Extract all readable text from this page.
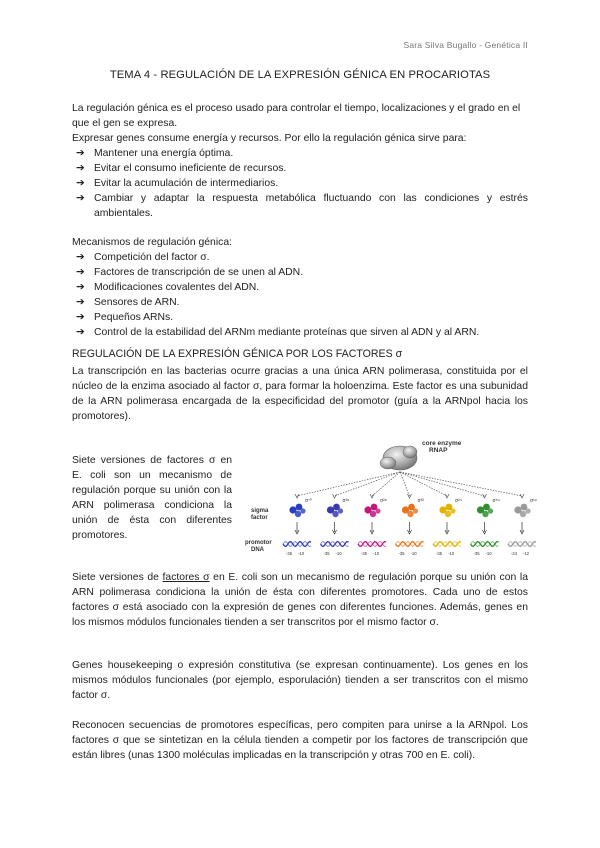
Sara Silva Bugallo - Genética II
TEMA 4 - REGULACIÓN DE LA EXPRESIÓN GÉNICA EN PROCARIOTAS
La regulación génica es el proceso usado para controlar el tiempo, localizaciones y el grado en el que el gen se expresa.
Expresar genes consume energía y recursos. Por ello la regulación génica sirve para:
➔ Mantener una energía óptima.
➔ Evitar el consumo ineficiente de recursos.
➔ Evitar la acumulación de intermediarios.
➔ Cambiar y adaptar la respuesta metabólica fluctuando con las condiciones y estrés ambientales.
Mecanismos de regulación génica:
➔ Competición del factor σ.
➔ Factores de transcripción de se unen al ADN.
➔ Modificaciones covalentes del ADN.
➔ Sensores de ARN.
➔ Pequeños ARNs.
➔ Control de la estabilidad del ARNm mediante proteínas que sirven al ADN y al ARN.
REGULACIÓN DE LA EXPRESIÓN GÉNICA POR LOS FACTORES σ
La transcripción en las bacterias ocurre gracias a una única ARN polimerasa, constituida por el núcleo de la enzima asociado al factor σ, para formar la holoenzima. Este factor es una subunidad de la ARN polimerasa encargada de la especificidad del promotor (guía a la ARNpol hacia los promotores).
Siete versiones de factores σ en E. coli son un mecanismo de regulación porque su unión con la ARN polimerasa condiciona la unión de ésta con diferentes promotores.
core enzyme
RNAP
sigma
factor
promotor
DNA
σ⁷⁰
-35 -10
σ³⁸
-35 -10
σ²⁸
-35 -10
σ³²
-35 -10
σ²⁴
-35 -10
σ⁵⁴
-35 -10
σ¹⁹
-24 -12
Siete versiones de factores σ en E. coli son un mecanismo de regulación porque su unión con la ARN polimerasa condiciona la unión de ésta con diferentes promotores. Cada uno de estos factores σ está asociado con la expresión de genes con diferentes funciones. Además, genes en los mismos módulos funcionales tienden a ser transcritos por el mismo factor σ.
Genes housekeeping o expresión constitutiva (se expresan continuamente). Los genes en los mismos módulos funcionales (por ejemplo, esporulación) tienden a ser transcritos con el mismo factor σ.
Reconocen secuencias de promotores específicas, pero compiten para unirse a la ARNpol. Los factores σ que se sintetizan en la célula tienden a competir por los factores de transcripción que están libres (unas 1300 moléculas implicadas en la transcripción y otras 700 en E. coli).
